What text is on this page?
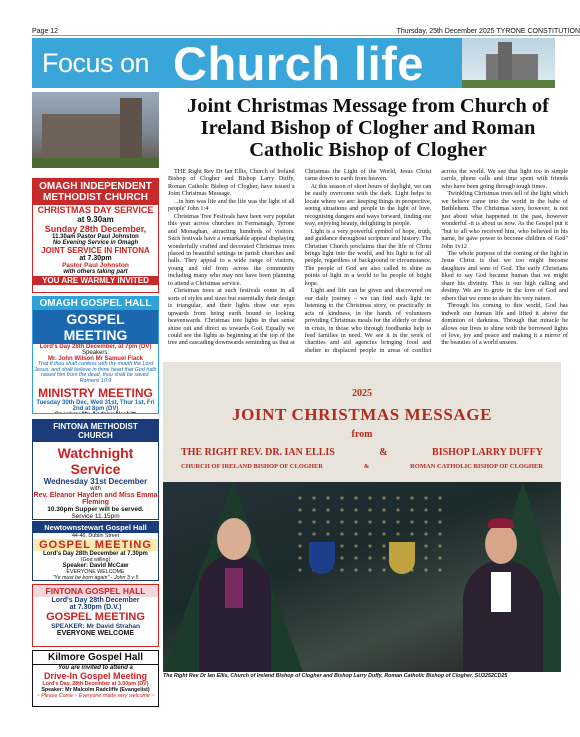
Page 12	Thursday, 25th December 2025 TYRONE CONSTITUTION
Focus on Church life
Joint Christmas Message from Church of Ireland Bishop of Clogher and Roman Catholic Bishop of Clogher

THE Right Rev Dr Ian Ellis, Church of Ireland Bishop of Clogher and Bishop Larry Duffy, Roman Catholic Bishop of Clogher, have issued a Joint Christmas Message.

...in him was life and the life was the light of all people' John 1:4

Christmas Tree Festivals have been very popular this year across churches in Fermanagh, Tyrone and Monaghan, attracting hundreds of visitors. Such festivals have a remarkable appeal displaying wonderfully crafted and decorated Christmas trees placed in beautiful settings in parish churches and halls. They appeal to a wide range of visitors, young and old from across the community including many who may not have been planning to attend a Christmas service.

Christmas trees at such festivals come in all sorts of styles and sizes but essentially their design is triangular, and their lights draw our eyes upwards from being earth bound to looking heavenwards. Christmas tree lights in that sense shine out and direct us towards God. Equally we could see the lights as beginning at the top of the tree and cascading downwards reminding us that at Christmas the Light of the World, Jesus Christ came down to earth from heaven.

At this season of short hours of daylight, we can be easily overcome with the dark. Light helps to locate where we are: keeping things in perspective, seeing situations and people in the light of love, recognising dangers and ways forward, finding our way, enjoying beauty, delighting in people.

Light is a very powerful symbol of hope, truth, and guidance throughout scripture and history. The Christian Church proclaims that the life of Christ brings light into the world, and his light is for all people, regardless of background or circumstance. The people of God are also called to shine as points of light in a world to be people of bright hope.

Light and life can be given and discovered on our daily journey – we can find such light in: listening to the Christmas story, or practically in acts of kindness, in the hands of volunteers providing Christmas meals for the elderly or those in crisis, in those who through foodbanks help to feed families in need. We see it in the work of charities and aid agencies bringing food and shelter to displaced people in areas of conflict across the world. We see that light too in simple carols, phone calls and time spent with friends who have been going through tough times.

Twinkling Christmas trees tell of the light which we believe came into the world in the babe of Bethlehem. The Christmas story, however, is not just about what happened in the past, however wonderful -it is about us now. As the Gospel put it "but to all who received him, who believed in his name, he gave power to become children of God" John 1v12

The whole purpose of the coming of the light in Jesus Christ is that we too might become daughters and sons of God. The early Christians liked to say God became human that we might share his divinity. This is our high calling and destiny. We are to grow in the love of God and others that we come to share his very nature.

Through his coming to this world, God has indwelt our human life and lifted it above the dominion of darkness. Through that miracle he allows our lives to shine with the borrowed lights of love, joy and peace and making it a mirror of the beauties of a world unseen.

2025
JOINT CHRISTMAS MESSAGE
from
THE RIGHT REV. DR. IAN ELLIS	&	BISHOP LARRY DUFFY
CHURCH OF IRELAND BISHOP OF CLOGHER	&	ROMAN CATHOLIC BISHOP OF CLOGHER
The Right Rev Dr Ian Ellis, Church of Ireland Bishop of Clogher and Bishop Larry Duffy, Roman Catholic Bishop of Clogher. SU3252CD25
OMAGH INDEPENDENT METHODIST CHURCH
CHRISTMAS DAY SERVICE
at 9.30am
Sunday 28th December,
11.30am Pastor Paul Johnston
No Evening Service in Omagh
JOINT SERVICE IN FINTONA
at 7.30pm
Pastor Paul Johnston
with others taking part
YOU ARE WARMLY INVITED
OMAGH GOSPEL HALL
GOSPEL MEETING
Lord's Day 28th December, at 7pm (DV)
Speakers:
Mr. John Wilson Mr Samuel Flack
That if thou shalt confess with thy mouth the Lord Jesus, and shalt believe in thine heart that God hath raised him from the dead, thou shalt be saved. Romans 10:9
MINISTRY MEETING
Tuesday 30th Dec, Wed 31st, Thur 1st, Fri 2nd at 8pm (DV)
FINTONA METHODIST CHURCH
Watchnight Service
Wednesday 31st December
with
Rev. Eleanor Hayden and Miss Emma Fleming
10.30pm Supper will be served.
Service 11.15pm
Newtownstewart Gospel Hall
44-46, Dublin Street
GOSPEL MEETING
Lord's Day 28th December at 7.30pm
(God willing)
Speaker: David McCaw
EVERYONE WELCOME
"Ye must be born again" - John 3 v 5
FINTONA GOSPEL HALL
Lord's Day 28th December
at 7.30pm (D.V.)
GOSPEL MEETING
SPEAKER: Mr David Strahan
EVERYONE WELCOME
Kilmore Gospel Hall
You are invited to attend a
Drive-In Gospel Meeting
Lord's Day, 28th December at 3.00pm (DV)
Speaker: Mr Malcolm Radcliffe (Evangelist)
~ Please Come ~ Everyone made very welcome ~
